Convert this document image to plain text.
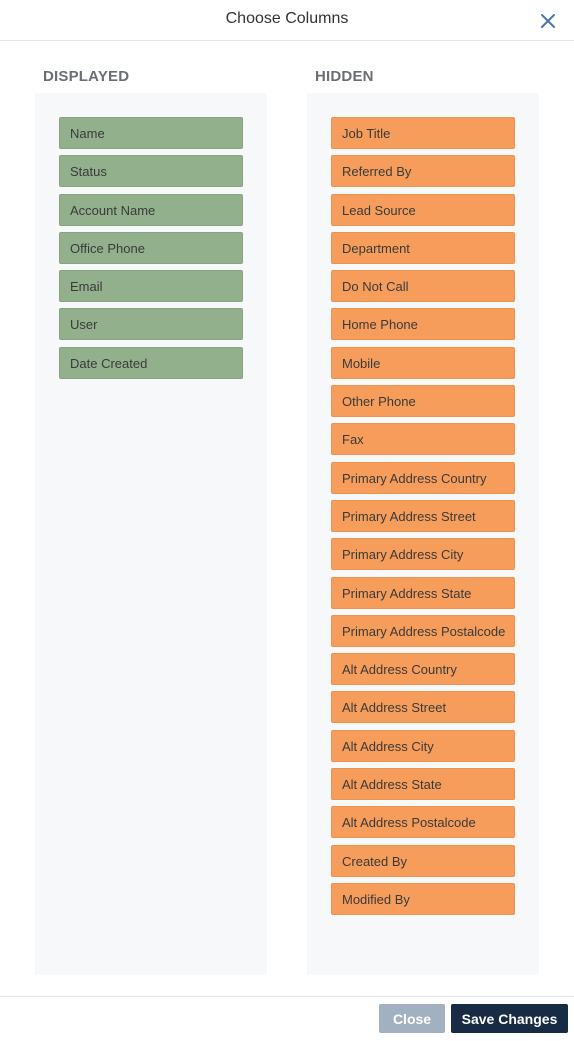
Choose Columns
DISPLAYED	HIDDEN
Name
Status
Account Name
Office Phone
Email
User
Date Created
Job Title
Referred By
Lead Source
Department
Do Not Call
Home Phone
Mobile
Other Phone
Fax
Primary Address Country
Primary Address Street
Primary Address City
Primary Address State
Primary Address Postalcode
Alt Address Country
Alt Address Street
Alt Address City
Alt Address State
Alt Address Postalcode
Created By
Modified By
Close	Save Changes
